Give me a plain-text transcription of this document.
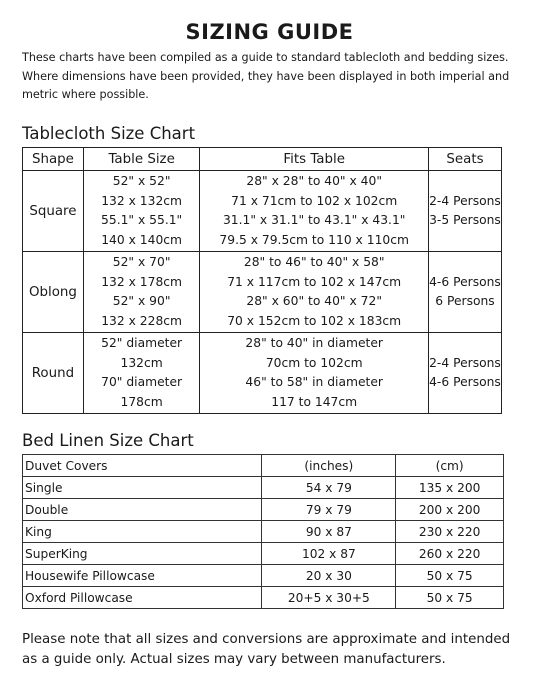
SIZING GUIDE

These charts have been compiled as a guide to standard tablecloth and bedding sizes. Where dimensions have been provided, they have been displayed in both imperial and metric where possible.

Tablecloth Size Chart
Shape	Table Size	Fits Table	Seats
Square	52" x 52"
132 x 132cm
55.1" x 55.1"
140 x 140cm	28" x 28" to 40" x 40"
71 x 71cm to 102 x 102cm
31.1" x 31.1" to 43.1" x 43.1"
79.5 x 79.5cm to 110 x 110cm	2-4 Persons
3-5 Persons

Oblong	52" x 70"
132 x 178cm
52" x 90"
132 x 228cm	28" to 46" to 40" x 58"
71 x 117cm to 102 x 147cm
28" x 60" to 40" x 72"
70 x 152cm to 102 x 183cm	4-6 Persons
6 Persons

Round	52" diameter
132cm
70" diameter
178cm	28" to 40" in diameter
70cm to 102cm
46" to 58" in diameter
117 to 147cm	2-4 Persons
4-6 Persons
Bed Linen Size Chart
Duvet Covers	(inches)	(cm)
Single	54 x 79	135 x 200
Double	79 x 79	200 x 200
King	90 x 87	230 x 220
SuperKing	102 x 87	260 x 220
Housewife Pillowcase	20 x 30	50 x 75
Oxford Pillowcase	20+5 x 30+5	50 x 75

Please note that all sizes and conversions are approximate and intended as a guide only. Actual sizes may vary between manufacturers.
